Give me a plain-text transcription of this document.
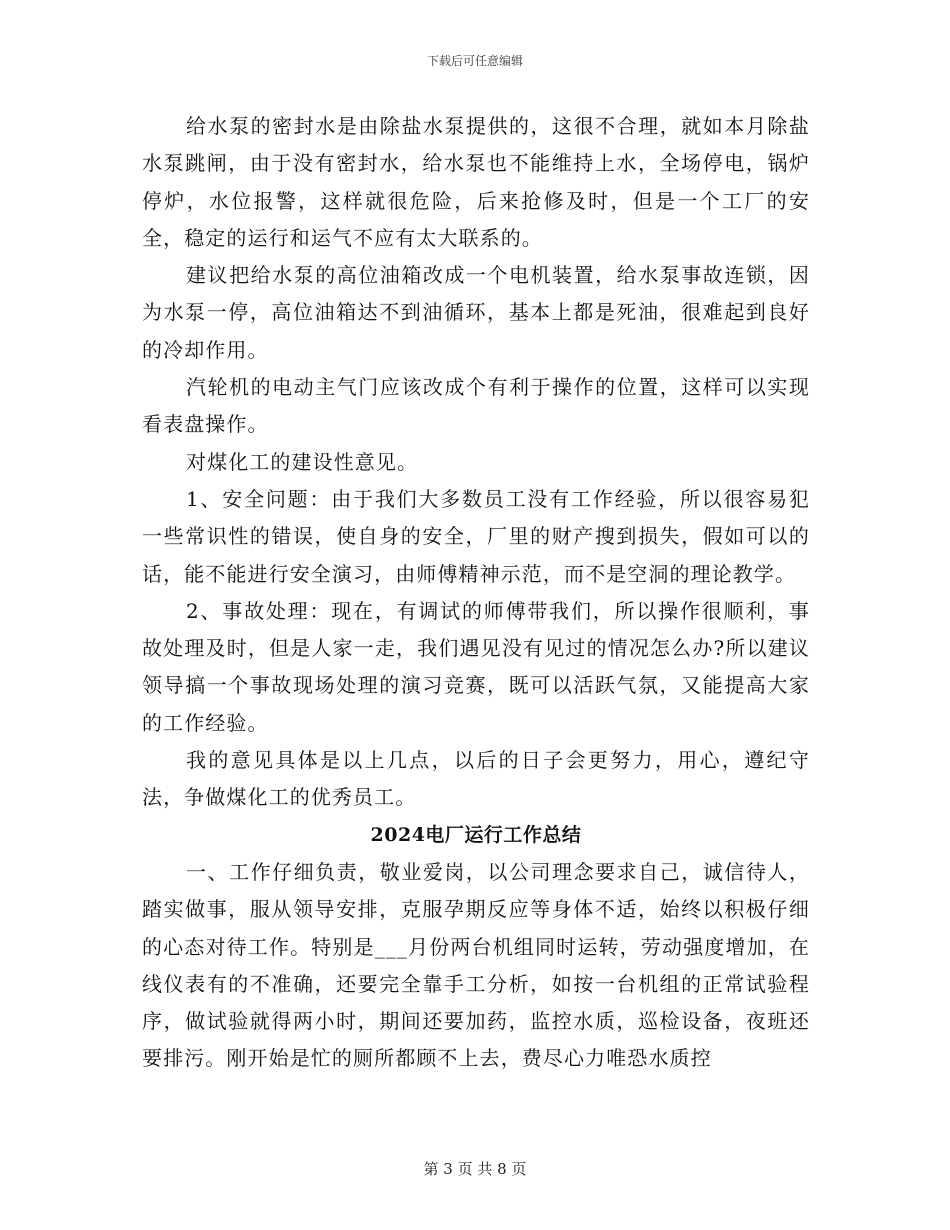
下载后可任意编辑

给水泵的密封水是由除盐水泵提供的，这很不合理，就如本月除盐水泵跳闸，由于没有密封水，给水泵也不能维持上水，全场停电，锅炉停炉，水位报警，这样就很危险，后来抢修及时，但是一个工厂的安全，稳定的运行和运气不应有太大联系的。

建议把给水泵的高位油箱改成一个电机装置，给水泵事故连锁，因为水泵一停，高位油箱达不到油循环，基本上都是死油，很难起到良好的冷却作用。

汽轮机的电动主气门应该改成个有利于操作的位置，这样可以实现看表盘操作。

对煤化工的建设性意见。

1、安全问题：由于我们大多数员工没有工作经验，所以很容易犯一些常识性的错误，使自身的安全，厂里的财产搜到损失，假如可以的话，能不能进行安全演习，由师傅精神示范，而不是空洞的理论教学。

2、事故处理：现在，有调试的师傅带我们，所以操作很顺利，事故处理及时，但是人家一走，我们遇见没有见过的情况怎么办?所以建议领导搞一个事故现场处理的演习竞赛，既可以活跃气氛，又能提高大家的工作经验。

我的意见具体是以上几点，以后的日子会更努力，用心，遵纪守法，争做煤化工的优秀员工。

2024电厂运行工作总结

一、工作仔细负责，敬业爱岗，以公司理念要求自己，诚信待人，踏实做事，服从领导安排，克服孕期反应等身体不适，始终以积极仔细的心态对待工作。特别是___月份两台机组同时运转，劳动强度增加，在线仪表有的不准确，还要完全靠手工分析，如按一台机组的正常试验程序，做试验就得两小时，期间还要加药，监控水质，巡检设备，夜班还要排污。刚开始是忙的厕所都顾不上去，费尽心力唯恐水质控

第 3 页 共 8 页
